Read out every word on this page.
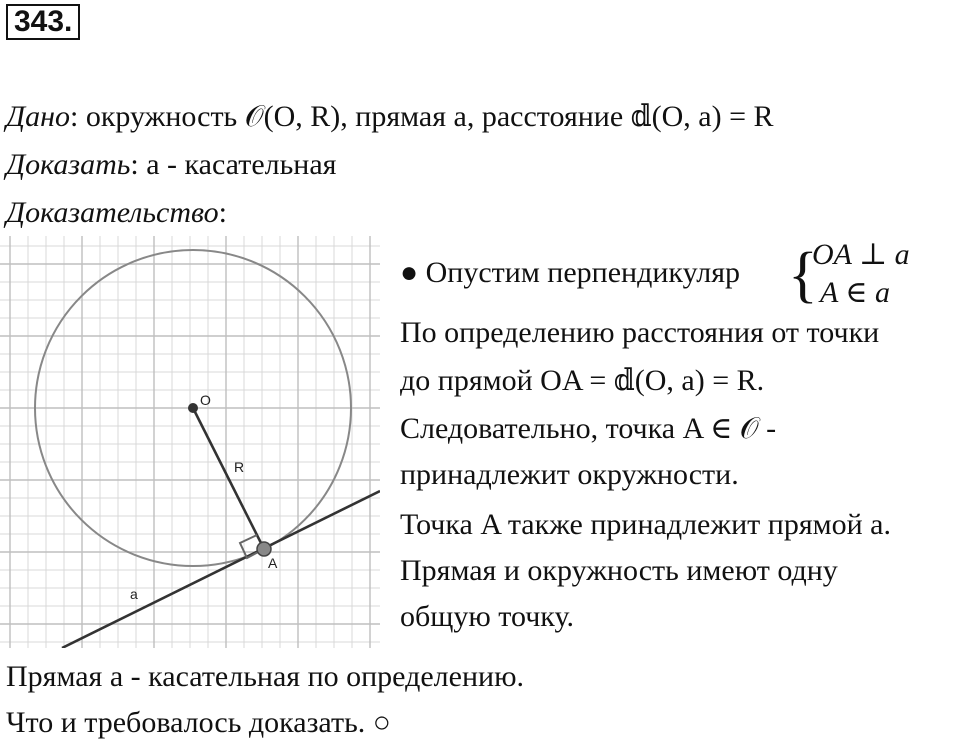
343.
Дано: окружность 𝒪(O, R), прямая a, расстояние 𝕕(O, a) = R
Доказать: a - касательная
Доказательство:
O
R
A
a
● Опустим перпендикуляр {
OA ⊥ a
A ∈ a
По определению расстояния от точки
до прямой OA = 𝕕(O, a) = R.
Следовательно, точка A ∈ 𝒪 -
принадлежит окружности.
Точка A также принадлежит прямой a.
Прямая и окружность имеют одну
общую точку.
Прямая a - касательная по определению.
Что и требовалось доказать. ○
